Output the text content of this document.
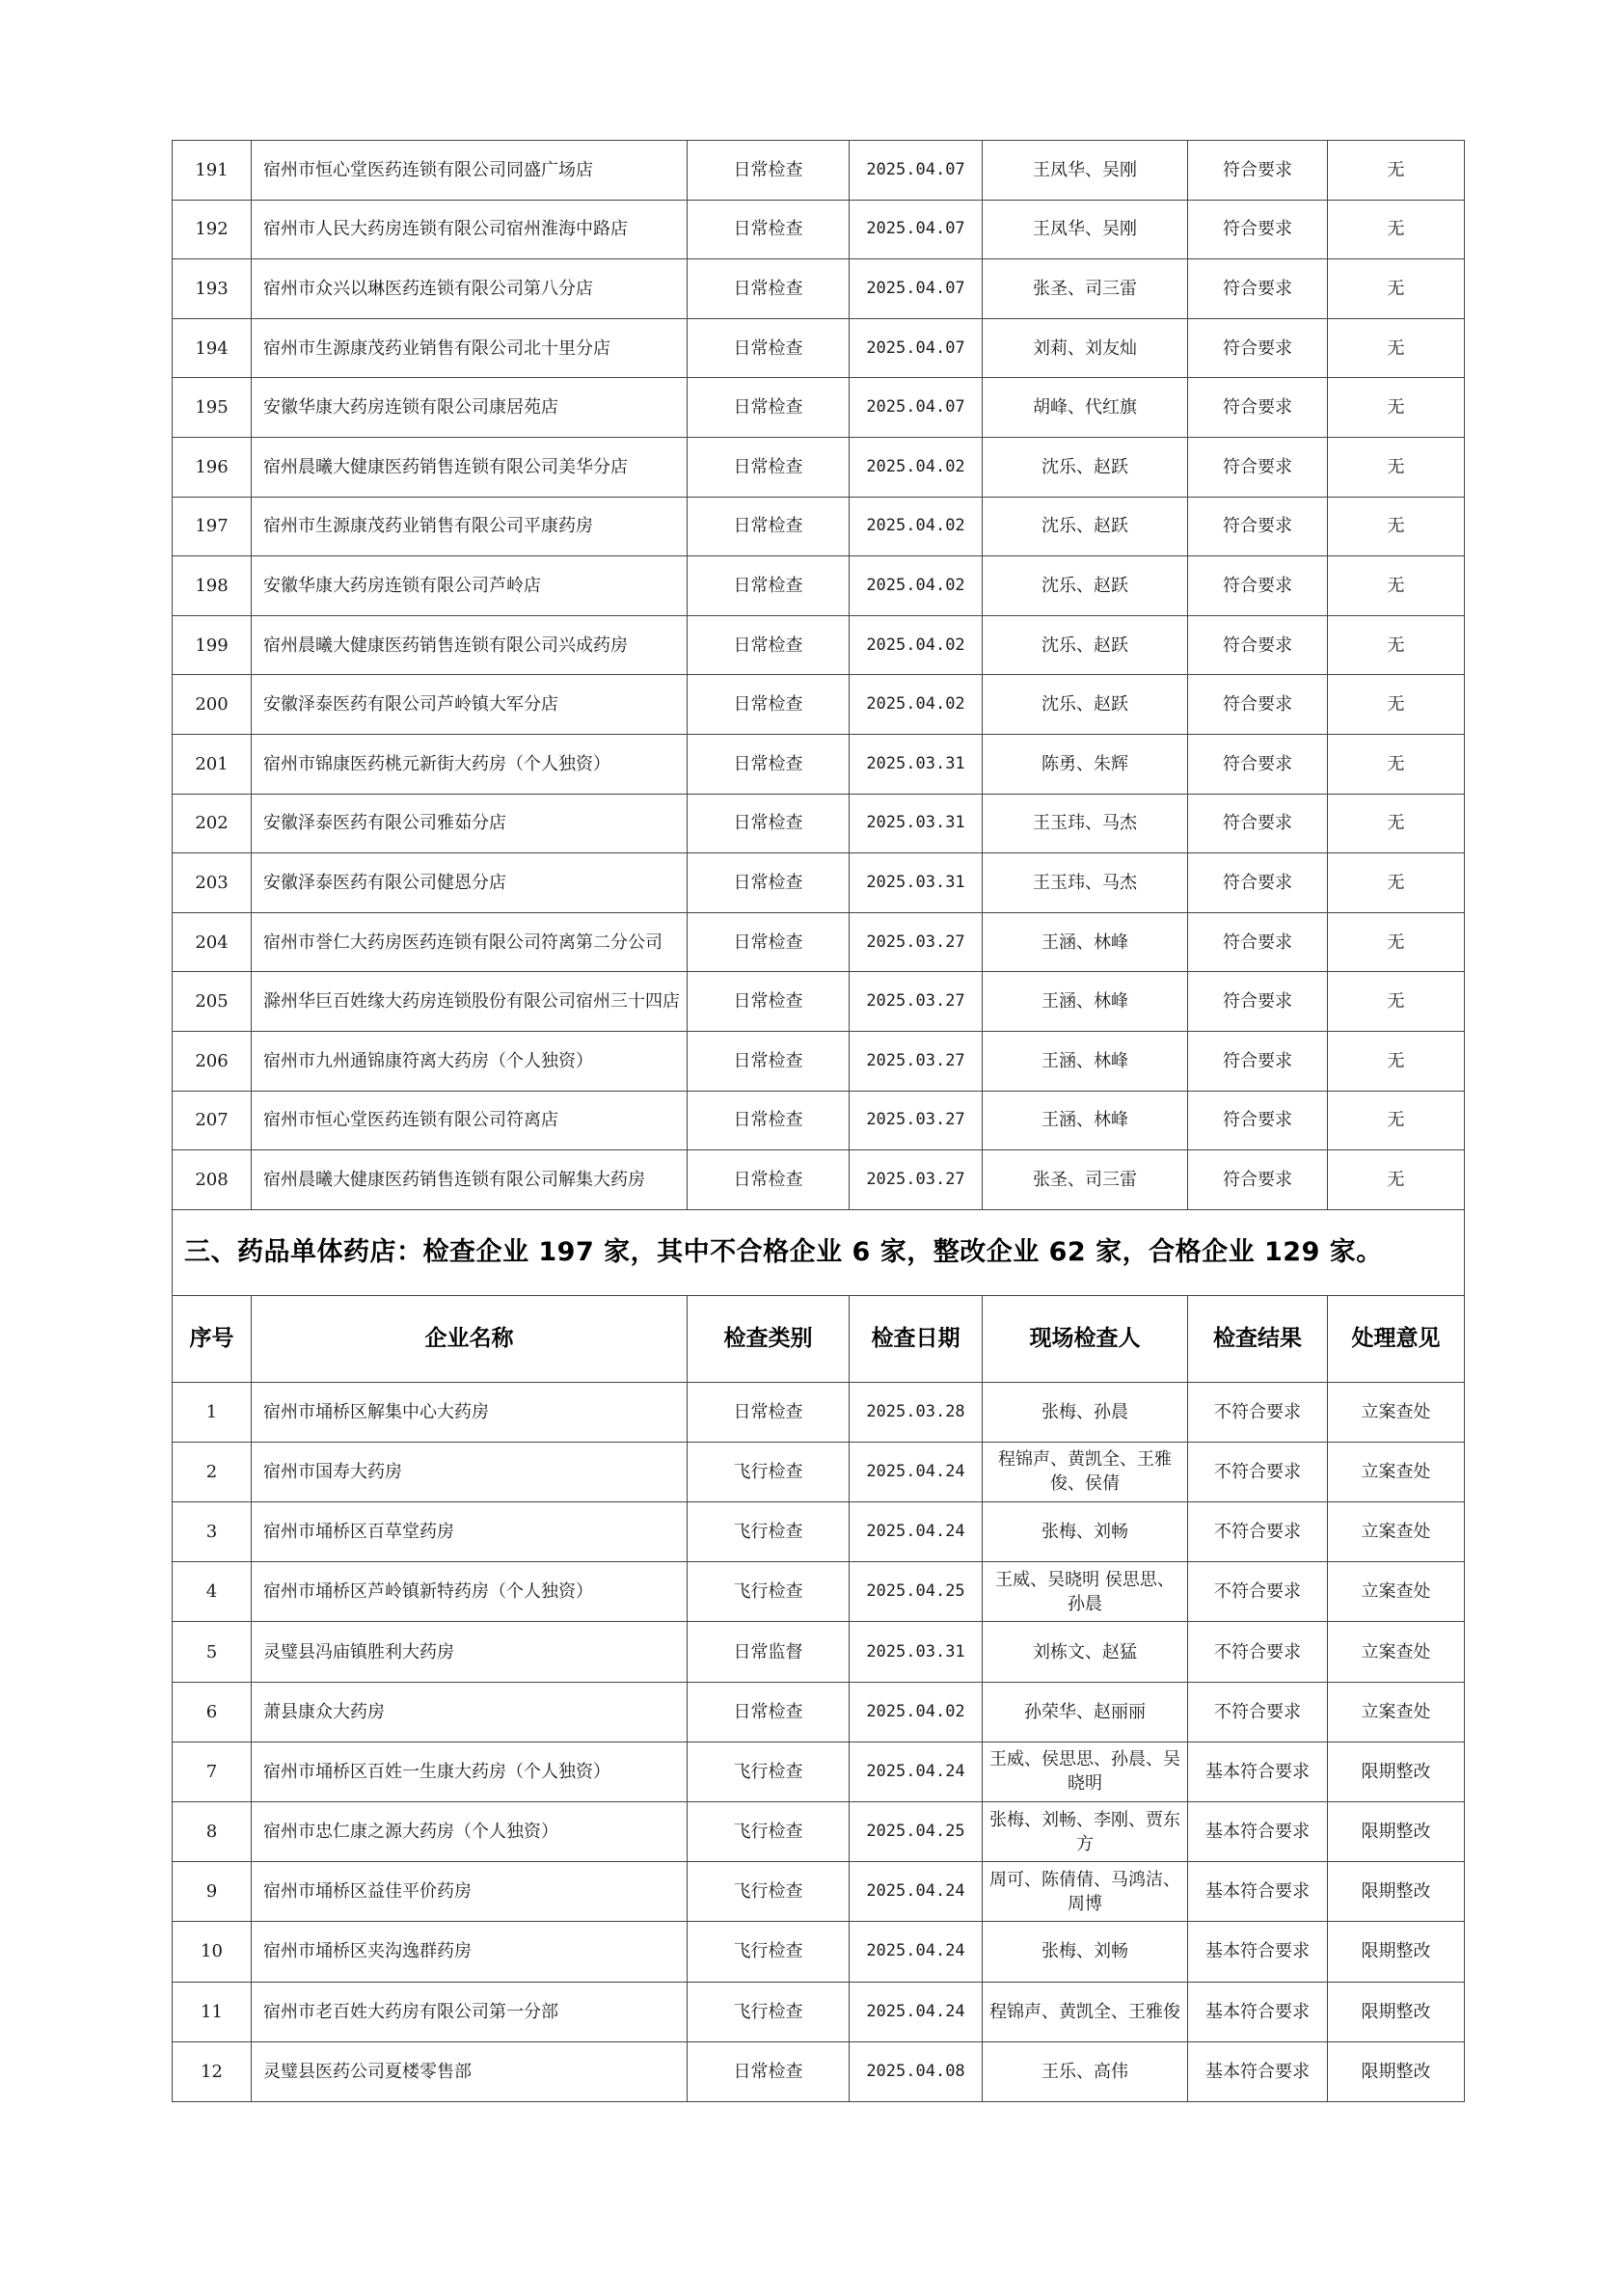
191	宿州市恒心堂医药连锁有限公司同盛广场店	日常检查	2025.04.07	王凤华、吴刚	符合要求	无
192	宿州市人民大药房连锁有限公司宿州淮海中路店	日常检查	2025.04.07	王凤华、吴刚	符合要求	无
193	宿州市众兴以琳医药连锁有限公司第八分店	日常检查	2025.04.07	张圣、司三雷	符合要求	无
194	宿州市生源康茂药业销售有限公司北十里分店	日常检查	2025.04.07	刘莉、刘友灿	符合要求	无
195	安徽华康大药房连锁有限公司康居苑店	日常检查	2025.04.07	胡峰、代红旗	符合要求	无
196	宿州晨曦大健康医药销售连锁有限公司美华分店	日常检查	2025.04.02	沈乐、赵跃	符合要求	无
197	宿州市生源康茂药业销售有限公司平康药房	日常检查	2025.04.02	沈乐、赵跃	符合要求	无
198	安徽华康大药房连锁有限公司芦岭店	日常检查	2025.04.02	沈乐、赵跃	符合要求	无
199	宿州晨曦大健康医药销售连锁有限公司兴成药房	日常检查	2025.04.02	沈乐、赵跃	符合要求	无
200	安徽泽泰医药有限公司芦岭镇大军分店	日常检查	2025.04.02	沈乐、赵跃	符合要求	无
201	宿州市锦康医药桃元新街大药房（个人独资）	日常检查	2025.03.31	陈勇、朱辉	符合要求	无
202	安徽泽泰医药有限公司雅茹分店	日常检查	2025.03.31	王玉玮、马杰	符合要求	无
203	安徽泽泰医药有限公司健恩分店	日常检查	2025.03.31	王玉玮、马杰	符合要求	无
204	宿州市誉仁大药房医药连锁有限公司符离第二分公司	日常检查	2025.03.27	王涵、林峰	符合要求	无
205	滁州华巨百姓缘大药房连锁股份有限公司宿州三十四店	日常检查	2025.03.27	王涵、林峰	符合要求	无
206	宿州市九州通锦康符离大药房（个人独资）	日常检查	2025.03.27	王涵、林峰	符合要求	无
207	宿州市恒心堂医药连锁有限公司符离店	日常检查	2025.03.27	王涵、林峰	符合要求	无
208	宿州晨曦大健康医药销售连锁有限公司解集大药房	日常检查	2025.03.27	张圣、司三雷	符合要求	无
三、药品单体药店：检查企业 197 家，其中不合格企业 6 家，整改企业 62 家，合格企业 129 家。						
序号	企业名称	检查类别	检查日期	现场检查人	检查结果	处理意见
1	宿州市埇桥区解集中心大药房	日常检查	2025.03.28	张梅、孙晨	不符合要求	立案查处
2	宿州市国寿大药房	飞行检查	2025.04.24	程锦声、黄凯全、王雅俊、侯倩	不符合要求	立案查处
3	宿州市埇桥区百草堂药房	飞行检查	2025.04.24	张梅、刘畅	不符合要求	立案查处
4	宿州市埇桥区芦岭镇新特药房（个人独资）	飞行检查	2025.04.25	王威、吴晓明 侯思思、孙晨	不符合要求	立案查处
5	灵璧县冯庙镇胜利大药房	日常监督	2025.03.31	刘栋文、赵猛	不符合要求	立案查处
6	萧县康众大药房	日常检查	2025.04.02	孙荣华、赵丽丽	不符合要求	立案查处
7	宿州市埇桥区百姓一生康大药房（个人独资）	飞行检查	2025.04.24	王威、侯思思、孙晨、吴晓明	基本符合要求	限期整改
8	宿州市忠仁康之源大药房（个人独资）	飞行检查	2025.04.25	张梅、刘畅、李刚、贾东方	基本符合要求	限期整改
9	宿州市埇桥区益佳平价药房	飞行检查	2025.04.24	周可、陈倩倩、马鸿洁、周博	基本符合要求	限期整改
10	宿州市埇桥区夹沟逸群药房	飞行检查	2025.04.24	张梅、刘畅	基本符合要求	限期整改
11	宿州市老百姓大药房有限公司第一分部	飞行检查	2025.04.24	程锦声、黄凯全、王雅俊	基本符合要求	限期整改
12	灵璧县医药公司夏楼零售部	日常检查	2025.04.08	王乐、高伟	基本符合要求	限期整改
